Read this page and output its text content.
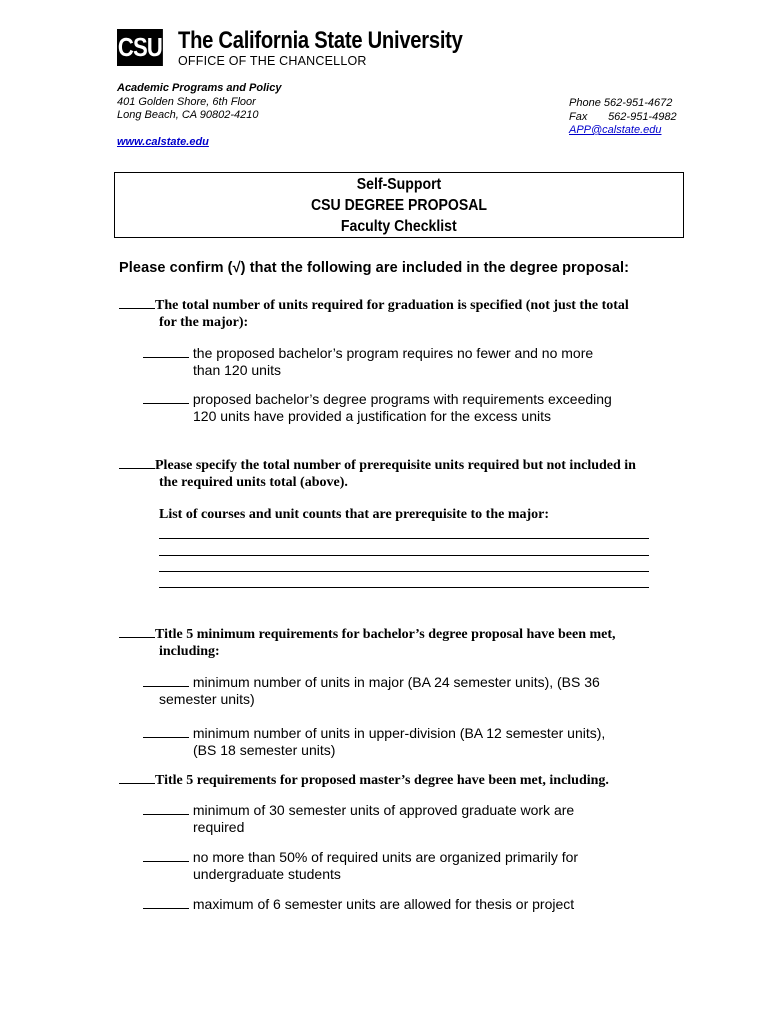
CSU The California State University
OFFICE OF THE CHANCELLOR
Academic Programs and Policy
401 Golden Shore, 6th Floor
Long Beach, CA 90802-4210
www.calstate.edu
Phone 562-951-4672
Fax 562-951-4982
APP@calstate.edu
Self-Support
CSU DEGREE PROPOSAL
Faculty Checklist
Please confirm (√) that the following are included in the degree proposal:
The total number of units required for graduation is specified (not just the total
for the major):
the proposed bachelor’s program requires no fewer and no more
than 120 units
proposed bachelor’s degree programs with requirements exceeding
120 units have provided a justification for the excess units
Please specify the total number of prerequisite units required but not included in
the required units total (above).
List of courses and unit counts that are prerequisite to the major:
Title 5 minimum requirements for bachelor’s degree proposal have been met,
including:
minimum number of units in major (BA 24 semester units), (BS 36
semester units)
minimum number of units in upper-division (BA 12 semester units),
(BS 18 semester units)
Title 5 requirements for proposed master’s degree have been met, including.
minimum of 30 semester units of approved graduate work are
required
no more than 50% of required units are organized primarily for
undergraduate students
maximum of 6 semester units are allowed for thesis or project
